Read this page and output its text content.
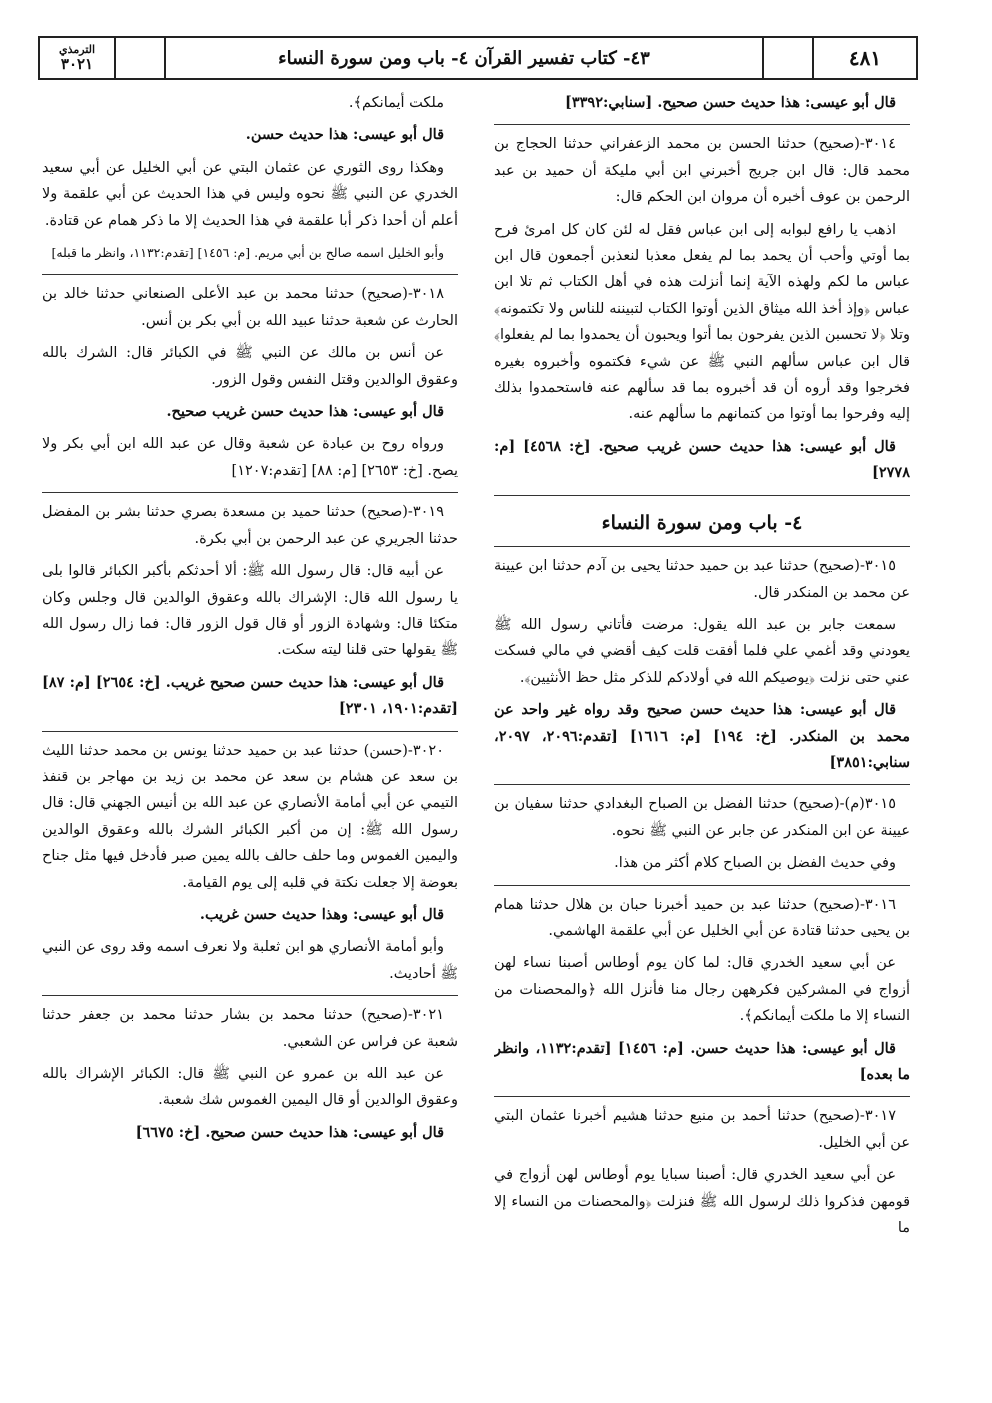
٤٨١
٤٣- كتاب تفسير القرآن ٤- باب ومن سورة النساء
الترمذي
٣٠٢١

قال أبو عيسى: هذا حديث حسن صحيح. [سنابي:٣٣٩٢]

٣٠١٤-(صحيح) حدثنا الحسن بن محمد الزعفراني حدثنا الحجاج بن محمد قال: قال ابن جريج أخبرني ابن أبي مليكة أن حميد بن عبد الرحمن بن عوف أخبره أن مروان ابن الحكم قال:

اذهب يا رافع لبوابه إلى ابن عباس فقل له لئن كان كل امرئ فرح بما أوتي وأحب أن يحمد بما لم يفعل معذبا لنعذبن أجمعون قال ابن عباس ما لكم ولهذه الآية إنما أنزلت هذه في أهل الكتاب ثم تلا ابن عباس ﴿وإذ أخذ الله ميثاق الذين أوتوا الكتاب لتبيننه للناس ولا تكتمونه﴾ وتلا ﴿لا تحسبن الذين يفرحون بما أتوا ويحبون أن يحمدوا بما لم يفعلوا﴾ قال ابن عباس سألهم النبي ﷺ عن شيء فكتموه وأخبروه بغيره فخرجوا وقد أروه أن قد أخبروه بما قد سألهم عنه فاستحمدوا بذلك إليه وفرحوا بما أوتوا من كتمانهم ما سألهم عنه.

قال أبو عيسى: هذا حديث حسن غريب صحيح. [خ: ٤٥٦٨] [م: ٢٧٧٨]

٤- باب ومن سورة النساء

٣٠١٥-(صحيح) حدثنا عبد بن حميد حدثنا يحيى بن آدم حدثنا ابن عيينة عن محمد بن المنكدر قال.

سمعت جابر بن عبد الله يقول: مرضت فأتاني رسول الله ﷺ يعودني وقد أغمي علي فلما أفقت قلت كيف أقضي في مالي فسكت عني حتى نزلت ﴿يوصيكم الله في أولادكم للذكر مثل حظ الأنثيين﴾.

قال أبو عيسى: هذا حديث حسن صحيح وقد رواه غير واحد عن محمد بن المنكدر. [خ: ١٩٤] [م: ١٦١٦] [تقدم:٢٠٩٦، ٢٠٩٧، سنابي:٣٨٥١]

٣٠١٥(م)-(صحيح) حدثنا الفضل بن الصباح البغدادي حدثنا سفيان بن عيينة عن ابن المنكدر عن جابر عن النبي ﷺ نحوه.

وفي حديث الفضل بن الصباح كلام أكثر من هذا.

٣٠١٦-(صحيح) حدثنا عبد بن حميد أخبرنا حبان بن هلال حدثنا همام بن يحيى حدثنا قتادة عن أبي الخليل عن أبي علقمة الهاشمي.

عن أبي سعيد الخدري قال: لما كان يوم أوطاس أصبنا نساء لهن أزواج في المشركين فكرههن رجال منا فأنزل الله ﴿والمحصنات من النساء إلا ما ملكت أيمانكم﴾.

قال أبو عيسى: هذا حديث حسن. [م: ١٤٥٦] [تقدم:١١٣٢، وانظر ما بعده]

٣٠١٧-(صحيح) حدثنا أحمد بن منيع حدثنا هشيم أخبرنا عثمان البتي عن أبي الخليل.

عن أبي سعيد الخدري قال: أصبنا سبايا يوم أوطاس لهن أزواج في قومهن فذكروا ذلك لرسول الله ﷺ فنزلت ﴿والمحصنات من النساء إلا ما

ملكت أيمانكم﴾.

قال أبو عيسى: هذا حديث حسن.

وهكذا روى الثوري عن عثمان البتي عن أبي الخليل عن أبي سعيد الخدري عن النبي ﷺ نحوه وليس في هذا الحديث عن أبي علقمة ولا أعلم أن أحدا ذكر أبا علقمة في هذا الحديث إلا ما ذكر همام عن قتادة.

وأبو الخليل اسمه صالح بن أبي مريم. [م: ١٤٥٦] [تقدم:١١٣٢، وانظر ما قبله]

٣٠١٨-(صحيح) حدثنا محمد بن عبد الأعلى الصنعاني حدثنا خالد بن الحارث عن شعبة حدثنا عبيد الله بن أبي بكر بن أنس.

عن أنس بن مالك عن النبي ﷺ في الكبائر قال: الشرك بالله وعقوق الوالدين وقتل النفس وقول الزور.

قال أبو عيسى: هذا حديث حسن غريب صحيح.

ورواه روح بن عبادة عن شعبة وقال عن عبد الله ابن أبي بكر ولا يصح. [خ: ٢٦٥٣] [م: ٨٨] [تقدم:١٢٠٧]

٣٠١٩-(صحيح) حدثنا حميد بن مسعدة بصري حدثنا بشر بن المفضل حدثنا الجريري عن عبد الرحمن بن أبي بكرة.

عن أبيه قال: قال رسول الله ﷺ: ألا أحدثكم بأكبر الكبائر قالوا بلى يا رسول الله قال: الإشراك بالله وعقوق الوالدين قال وجلس وكان متكئا قال: وشهادة الزور أو قال قول الزور قال: فما زال رسول الله ﷺ يقولها حتى قلنا ليته سكت.

قال أبو عيسى: هذا حديث حسن صحيح غريب. [خ: ٢٦٥٤] [م: ٨٧] [تقدم:١٩٠١، ٢٣٠١]

٣٠٢٠-(حسن) حدثنا عبد بن حميد حدثنا يونس بن محمد حدثنا الليث بن سعد عن هشام بن سعد عن محمد بن زيد بن مهاجر بن قنفذ التيمي عن أبي أمامة الأنصاري عن عبد الله بن أنيس الجهني قال: قال رسول الله ﷺ: إن من أكبر الكبائر الشرك بالله وعقوق الوالدين واليمين الغموس وما حلف حالف بالله يمين صبر فأدخل فيها مثل جناح بعوضة إلا جعلت نكتة في قلبه إلى يوم القيامة.

قال أبو عيسى: وهذا حديث حسن غريب.

وأبو أمامة الأنصاري هو ابن ثعلبة ولا نعرف اسمه وقد روى عن النبي ﷺ أحاديث.

٣٠٢١-(صحيح) حدثنا محمد بن بشار حدثنا محمد بن جعفر حدثنا شعبة عن فراس عن الشعبي.

عن عبد الله بن عمرو عن النبي ﷺ قال: الكبائر الإشراك بالله وعقوق الوالدين أو قال اليمين الغموس شك شعبة.

قال أبو عيسى: هذا حديث حسن صحيح. [خ: ٦٦٧٥]
